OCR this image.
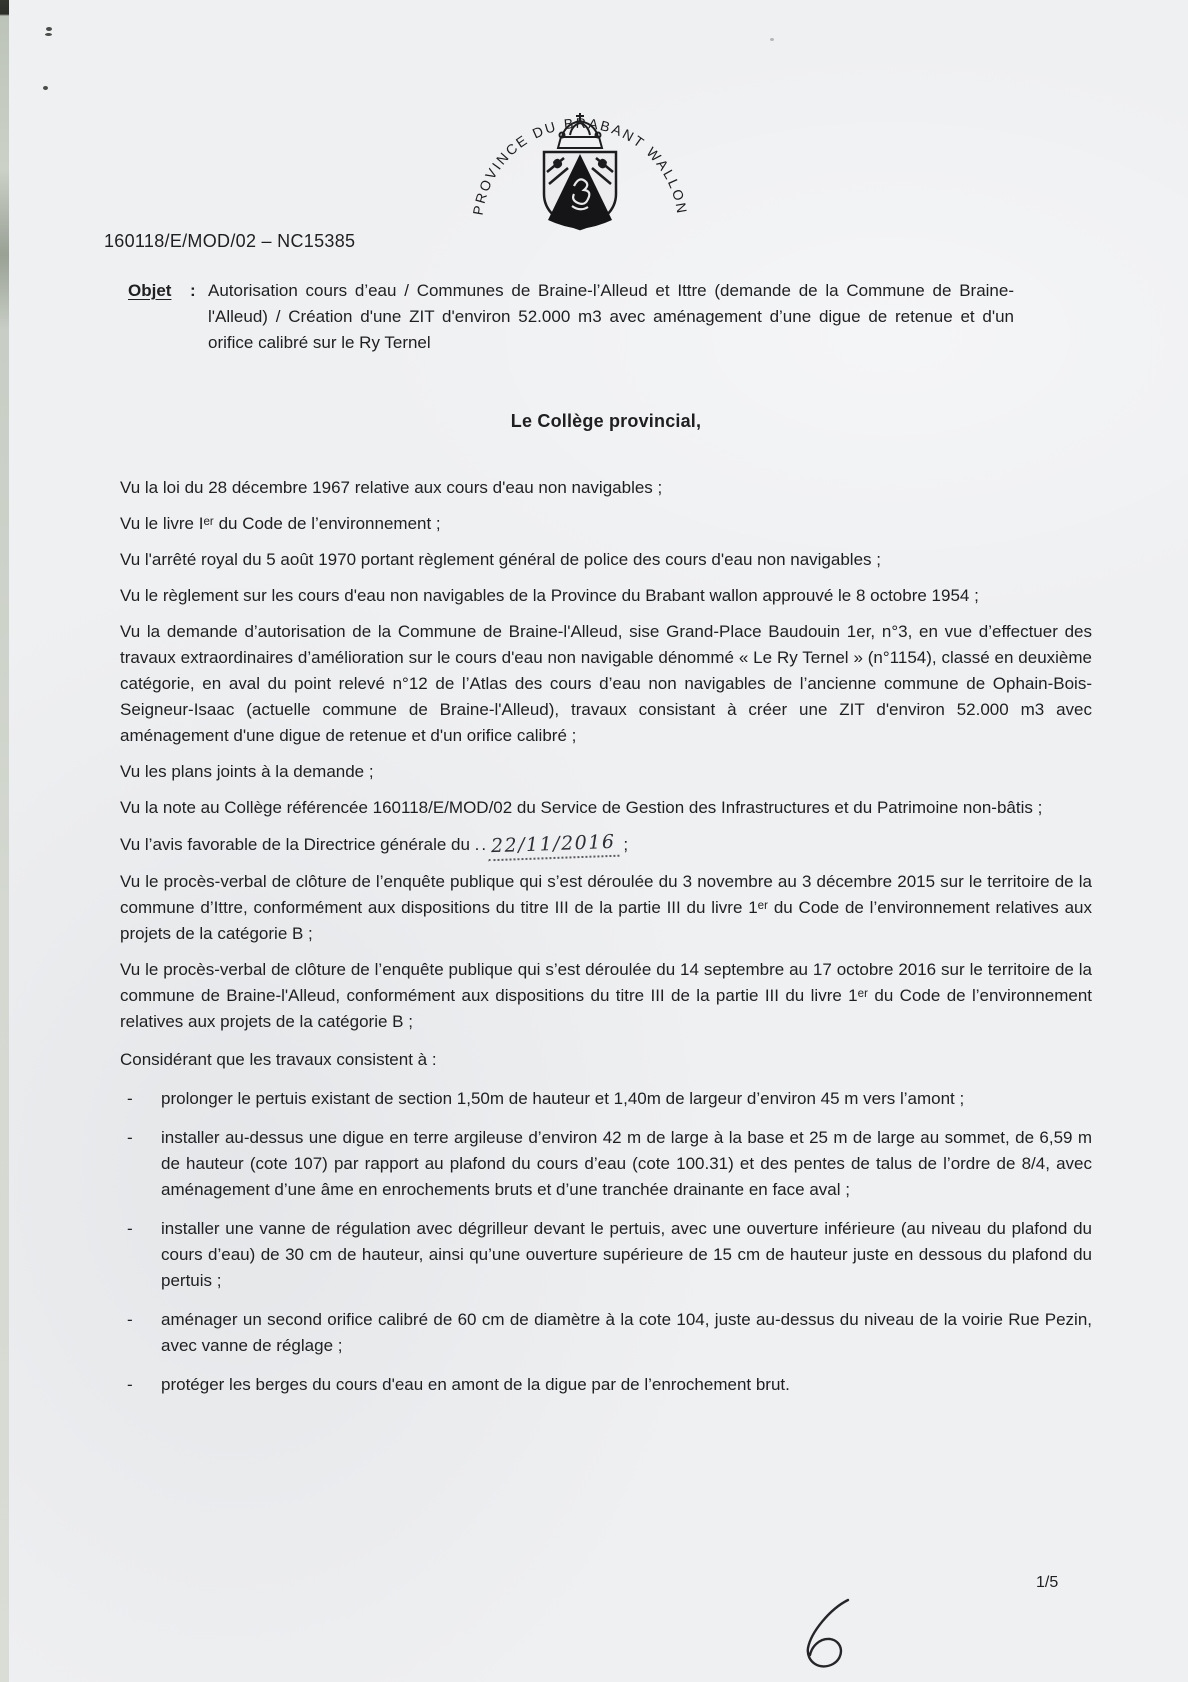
PROVINCE DU BRABANT WALLON
160118/E/MOD/02 – NC15385
Objet	: Autorisation cours d’eau / Communes de Braine-l’Alleud et Ittre (demande de la Commune de Braine-l'Alleud) / Création d'une ZIT d'environ 52.000 m3 avec aménagement d’une digue de retenue et d'un orifice calibré sur le Ry Ternel
Le Collège provincial,
Vu la loi du 28 décembre 1967 relative aux cours d'eau non navigables ;
Vu le livre Iᵉʳ du Code de l’environnement ;
Vu l'arrêté royal du 5 août 1970 portant règlement général de police des cours d'eau non navigables ;
Vu le règlement sur les cours d'eau non navigables de la Province du Brabant wallon approuvé le 8 octobre 1954 ;
Vu la demande d’autorisation de la Commune de Braine-l'Alleud, sise Grand-Place Baudouin 1er, n°3, en vue d’effectuer des travaux extraordinaires d’amélioration sur le cours d'eau non navigable dénommé « Le Ry Ternel » (n°1154), classé en deuxième catégorie, en aval du point relevé n°12 de l’Atlas des cours d’eau non navigables de l’ancienne commune de Ophain-Bois-Seigneur-Isaac (actuelle commune de Braine-l'Alleud), travaux consistant à créer une ZIT d'environ 52.000 m3 avec aménagement d'une digue de retenue et d'un orifice calibré ;
Vu les plans joints à la demande ;
Vu la note au Collège référencée 160118/E/MOD/02 du Service de Gestion des Infrastructures et du Patrimoine non-bâtis ;
Vu l’avis favorable de la Directrice générale du .. 22/11/2016 ;
Vu le procès-verbal de clôture de l’enquête publique qui s’est déroulée du 3 novembre au 3 décembre 2015 sur le territoire de la commune d’Ittre, conformément aux dispositions du titre III de la partie III du livre 1ᵉʳ du Code de l’environnement relatives aux projets de la catégorie B ;
Vu le procès-verbal de clôture de l’enquête publique qui s’est déroulée du 14 septembre au 17 octobre 2016 sur le territoire de la commune de Braine-l'Alleud, conformément aux dispositions du titre III de la partie III du livre 1ᵉʳ du Code de l’environnement relatives aux projets de la catégorie B ;
Considérant que les travaux consistent à :
-	prolonger le pertuis existant de section 1,50m de hauteur et 1,40m de largeur d’environ 45 m vers l’amont ;
-	installer au-dessus une digue en terre argileuse d’environ 42 m de large à la base et 25 m de large au sommet, de 6,59 m de hauteur (cote 107) par rapport au plafond du cours d’eau (cote 100.31) et des pentes de talus de l’ordre de 8/4, avec aménagement d’une âme en enrochements bruts et d’une tranchée drainante en face aval ;
-	installer une vanne de régulation avec dégrilleur devant le pertuis, avec une ouverture inférieure (au niveau du plafond du cours d’eau) de 30 cm de hauteur, ainsi qu’une ouverture supérieure de 15 cm de hauteur juste en dessous du plafond du pertuis ;
-	aménager un second orifice calibré de 60 cm de diamètre à la cote 104, juste au-dessus du niveau de la voirie Rue Pezin, avec vanne de réglage ;
-	protéger les berges du cours d'eau en amont de la digue par de l’enrochement brut.
1/5
